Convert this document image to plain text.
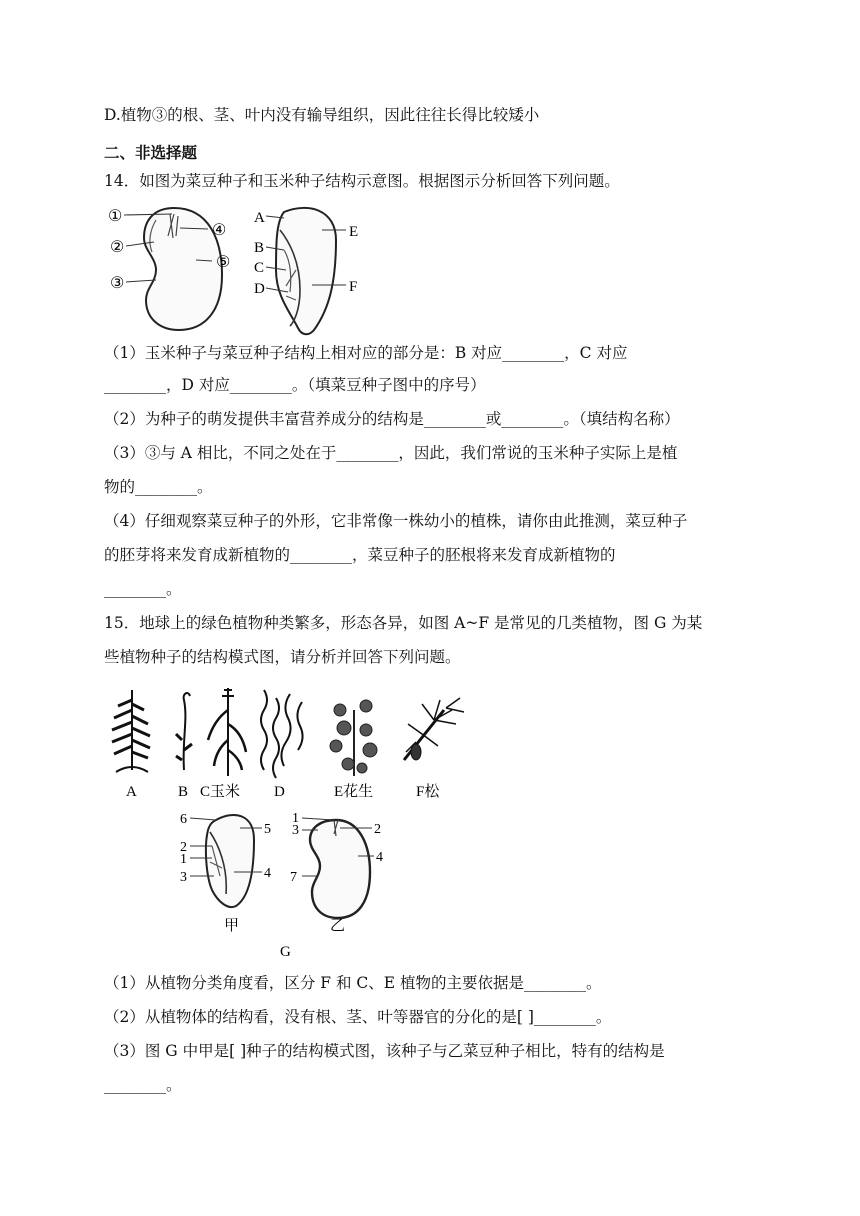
D.植物③的根、茎、叶内没有输导组织，因此往往长得比较矮小
二、非选择题
14．如图为菜豆种子和玉米种子结构示意图。根据图示分析回答下列问题。
①
②
③
④
⑤
A
B
C
D
E
F
（1）玉米种子与菜豆种子结构上相对应的部分是：B 对应________，C 对应
________，D 对应________。（填菜豆种子图中的序号）
（2）为种子的萌发提供丰富营养成分的结构是________或________。（填结构名称）
（3）③与 A 相比，不同之处在于________，因此，我们常说的玉米种子实际上是植
物的________。
（4）仔细观察菜豆种子的外形，它非常像一株幼小的植株，请你由此推测，菜豆种子
的胚芽将来发育成新植物的________，菜豆种子的胚根将来发育成新植物的
________。
15．地球上的绿色植物种类繁多，形态各异，如图 A~F 是常见的几类植物，图 G 为某
些植物种子的结构模式图，请分析并回答下列问题。
A	B C玉米 D	E花生	F松
6
2
1
3
5
4
甲
1
3
7
2
4
乙
G
（1）从植物分类角度看，区分 F 和 C、E 植物的主要依据是________。
（2）从植物体的结构看，没有根、茎、叶等器官的分化的是[ ]________。
（3）图 G 中甲是[ ]种子的结构模式图，该种子与乙菜豆种子相比，特有的结构是
________。
